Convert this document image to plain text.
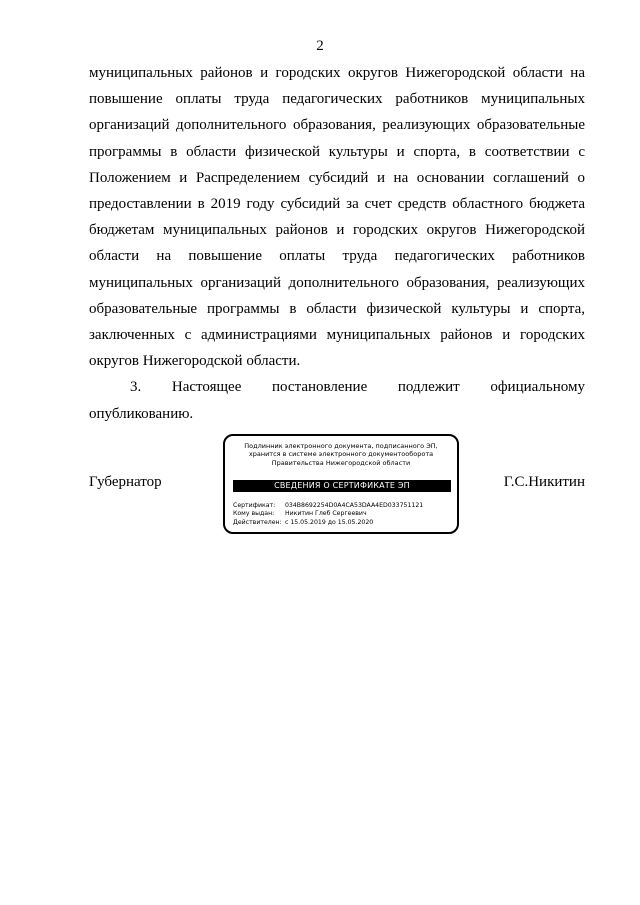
2

муниципальных районов и городских округов Нижегородской области на повышение оплаты труда педагогических работников муниципальных организаций дополнительного образования, реализующих образовательные программы в области физической культуры и спорта, в соответствии с Положением и Распределением субсидий и на основании соглашений о предоставлении в 2019 году субсидий за счет средств областного бюджета бюджетам муниципальных районов и городских округов Нижегородской области на повышение оплаты труда педагогических работников муниципальных организаций дополнительного образования, реализующих образовательные программы в области физической культуры и спорта, заключенных с администрациями муниципальных районов и городских округов Нижегородской области.

3. Настоящее постановление подлежит официальному опубликованию.

Губернатор
Подлинник электронного документа, подписанного ЭП,
хранится в системе электронного документооборота
Правительства Нижегородской области
СВЕДЕНИЯ О СЕРТИФИКАТЕ ЭП
Сертификат: 034B8692254D0A4CA53DAA4ED033751121
Кому выдан: Никитин Глеб Сергеевич
Действителен: с 15.05.2019 до 15.05.2020
Г.С.Никитин
